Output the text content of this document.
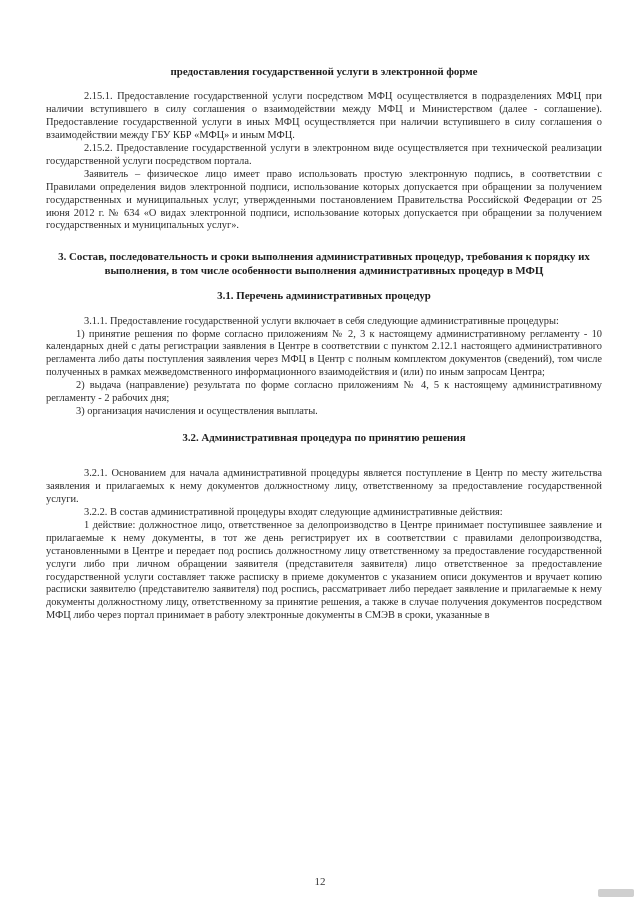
предоставления государственной услуги в электронной форме

2.15.1. Предоставление государственной услуги посредством МФЦ осуществляется в подразделениях МФЦ при наличии вступившего в силу соглашения о взаимодействии между МФЦ и Министерством (далее - соглашение). Предоставление государственной услуги в иных МФЦ осуществляется при наличии вступившего в силу соглашения о взаимодействии между ГБУ КБР «МФЦ» и иным МФЦ.

2.15.2. Предоставление государственной услуги в электронном виде осуществляется при технической реализации государственной услуги посредством портала.

Заявитель – физическое лицо имеет право использовать простую электронную подпись, в соответствии с Правилами определения видов электронной подписи, использование которых допускается при обращении за получением государственных и муниципальных услуг, утвержденными постановлением Правительства Российской Федерации от 25 июня 2012 г. № 634 «О видах электронной подписи, использование которых допускается при обращении за получением государственных и муниципальных услуг».

3. Состав, последовательность и сроки выполнения административных процедур, требования к порядку их выполнения, в том числе особенности выполнения административных процедур в МФЦ
3.1. Перечень административных процедур

3.1.1. Предоставление государственной услуги включает в себя следующие административные процедуры:

1) принятие решения по форме согласно приложениям № 2, 3 к настоящему административному регламенту - 10 календарных дней с даты регистрации заявления в Центре в соответствии с пунктом 2.12.1 настоящего административного регламента либо даты поступления заявления через МФЦ в Центр с полным комплектом документов (сведений), том числе полученных в рамках межведомственного информационного взаимодействия и (или) по иным запросам Центра;

2) выдача (направление) результата по форме согласно приложениям № 4, 5 к настоящему административному регламенту - 2 рабочих дня;

3) организация начисления и осуществления выплаты.

3.2. Административная процедура по принятию решения

3.2.1. Основанием для начала административной процедуры является поступление в Центр по месту жительства заявления и прилагаемых к нему документов должностному лицу, ответственному за предоставление государственной услуги.

3.2.2. В состав административной процедуры входят следующие административные действия:

1 действие: должностное лицо, ответственное за делопроизводство в Центре принимает поступившее заявление и прилагаемые к нему документы, в тот же день регистрирует их в соответствии с правилами делопроизводства, установленными в Центре и передает под роспись должностному лицу ответственному за предоставление государственной услуги либо при личном обращении заявителя (представителя заявителя) лицо ответственное за предоставление государственной услуги составляет также расписку в приеме документов с указанием описи документов и вручает копию расписки заявителю (представителю заявителя) под роспись, рассматривает либо передает заявление и прилагаемые к нему документы должностному лицу, ответственному за принятие решения, а также в случае получения документов посредством МФЦ либо через портал принимает в работу электронные документы в СМЭВ в сроки, указанные в

12
